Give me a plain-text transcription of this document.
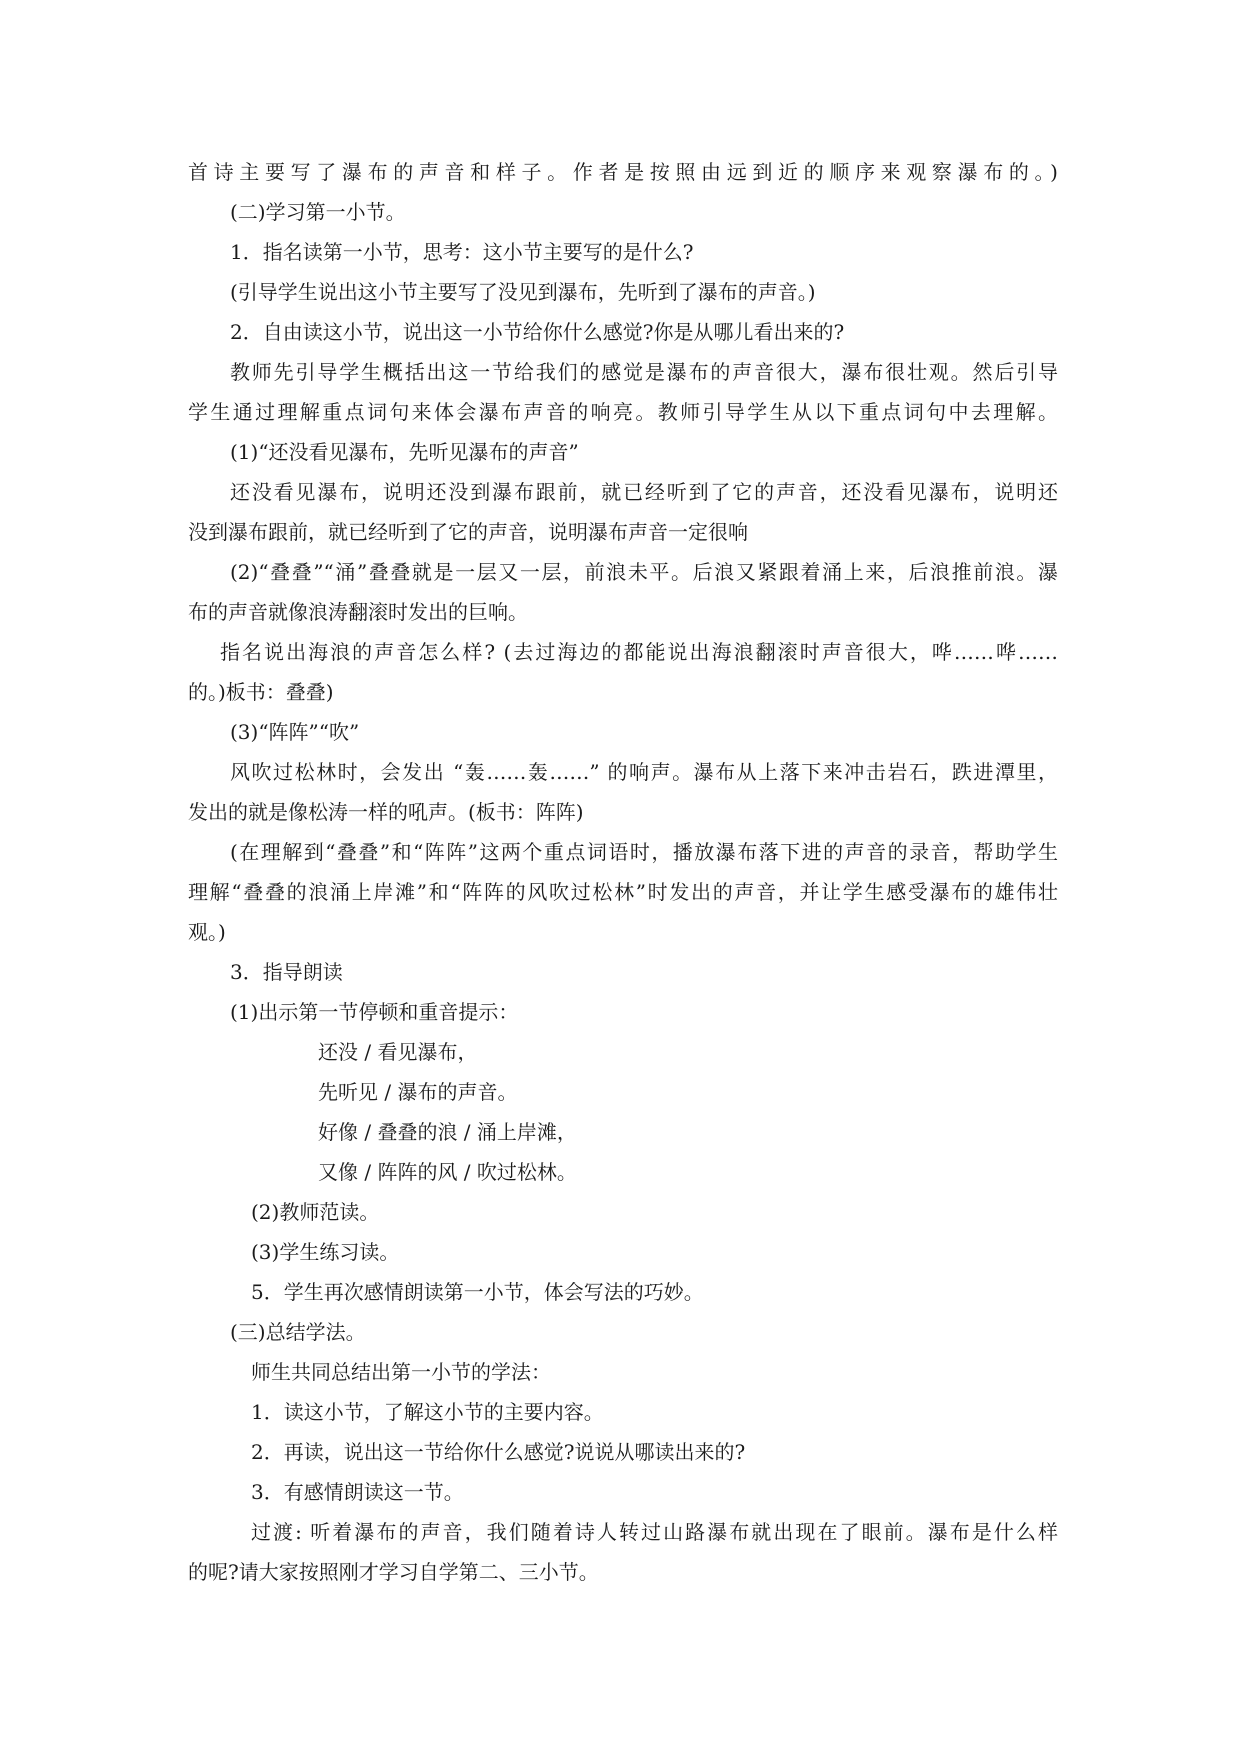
首诗主要写了瀑布的声音和样子。作者是按照由远到近的顺序来观察瀑布的。)
(二)学习第一小节。
1．指名读第一小节，思考：这小节主要写的是什么?
(引导学生说出这小节主要写了没见到瀑布，先听到了瀑布的声音。)
2．自由读这小节，说出这一小节给你什么感觉?你是从哪儿看出来的?
教师先引导学生概括出这一节给我们的感觉是瀑布的声音很大，瀑布很壮观。然后引导
学生通过理解重点词句来体会瀑布声音的响亮。教师引导学生从以下重点词句中去理解。
(1)“还没看见瀑布，先听见瀑布的声音”
还没看见瀑布，说明还没到瀑布跟前，就已经听到了它的声音，还没看见瀑布，说明还
没到瀑布跟前，就已经听到了它的声音，说明瀑布声音一定很响
(2)“叠叠”“涌”叠叠就是一层又一层，前浪未平。后浪又紧跟着涌上来，后浪推前浪。瀑
布的声音就像浪涛翻滚时发出的巨响。
指名说出海浪的声音怎么样? (去过海边的都能说出海浪翻滚时声音很大，哗……哗……
的。)板书：叠叠)
(3)“阵阵”“吹”
风吹过松林时，会发出 “轰……轰……” 的响声。瀑布从上落下来冲击岩石，跌进潭里，
发出的就是像松涛一样的吼声。(板书：阵阵)
(在理解到“叠叠”和“阵阵”这两个重点词语时，播放瀑布落下进的声音的录音，帮助学生
理解“叠叠的浪涌上岸滩”和“阵阵的风吹过松林”时发出的声音，并让学生感受瀑布的雄伟壮
观。)
3．指导朗读
(1)出示第一节停顿和重音提示：
还没 / 看见瀑布，
先听见 / 瀑布的声音。
好像 / 叠叠的浪 / 涌上岸滩，
又像 / 阵阵的风 / 吹过松林。
(2)教师范读。
(3)学生练习读。
5．学生再次感情朗读第一小节，体会写法的巧妙。
(三)总结学法。
师生共同总结出第一小节的学法：
1．读这小节，了解这小节的主要内容。
2．再读，说出这一节给你什么感觉?说说从哪读出来的?
3．有感情朗读这一节。
过渡: 听着瀑布的声音，我们随着诗人转过山路瀑布就出现在了眼前。瀑布是什么样
的呢?请大家按照刚才学习自学第二、三小节。
